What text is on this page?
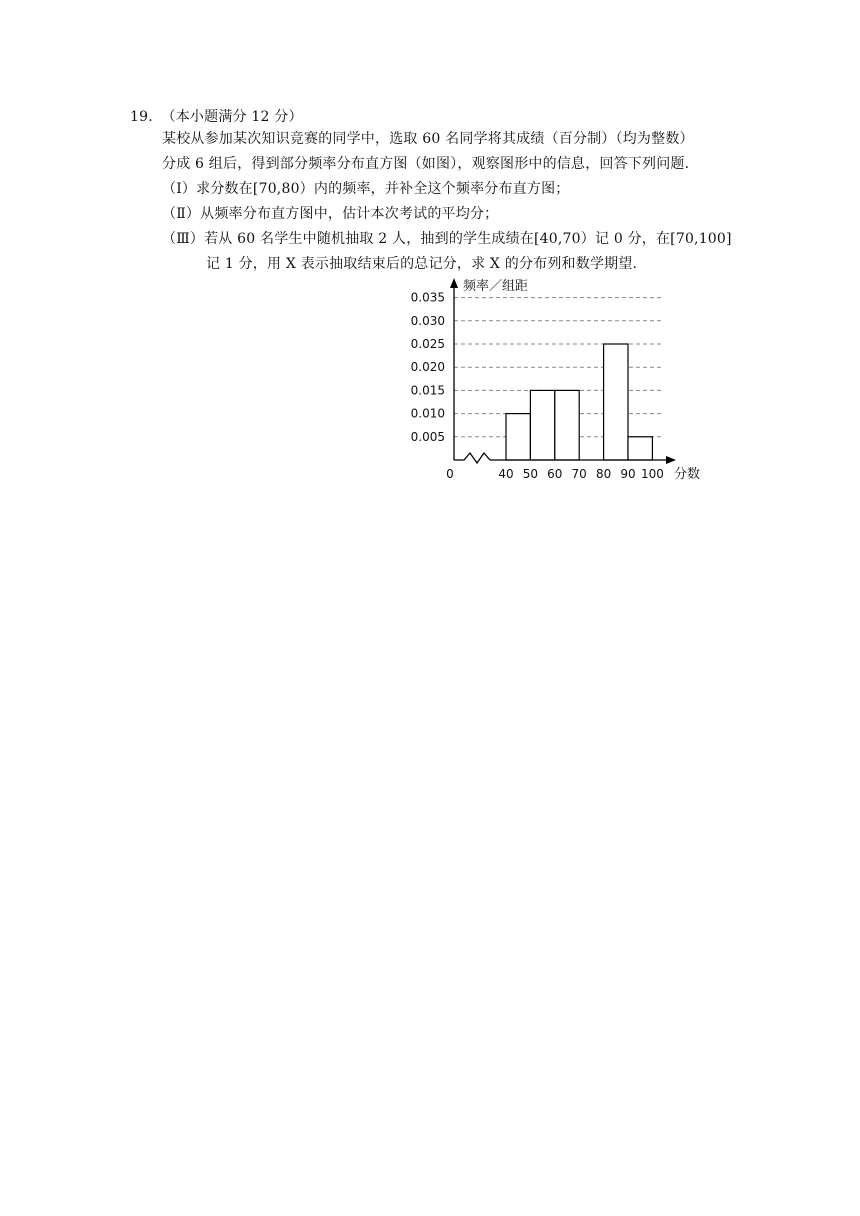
19. （本小题满分 12 分）
某校从参加某次知识竞赛的同学中，选取 60 名同学将其成绩（百分制）（均为整数）
分成 6 组后，得到部分频率分布直方图（如图），观察图形中的信息，回答下列问题.
（Ⅰ）求分数在[70,80）内的频率，并补全这个频率分布直方图；
（Ⅱ）从频率分布直方图中，估计本次考试的平均分；
（Ⅲ）若从 60 名学生中随机抽取 2 人，抽到的学生成绩在[40,70）记 0 分，在[70,100]
记 1 分，用 X 表示抽取结束后的总记分，求 X 的分布列和数学期望.
频率／组距
分数
0
0.005
0.010
0.015
0.020
0.025
0.030
0.035
40 50 60 70 80 90 100
